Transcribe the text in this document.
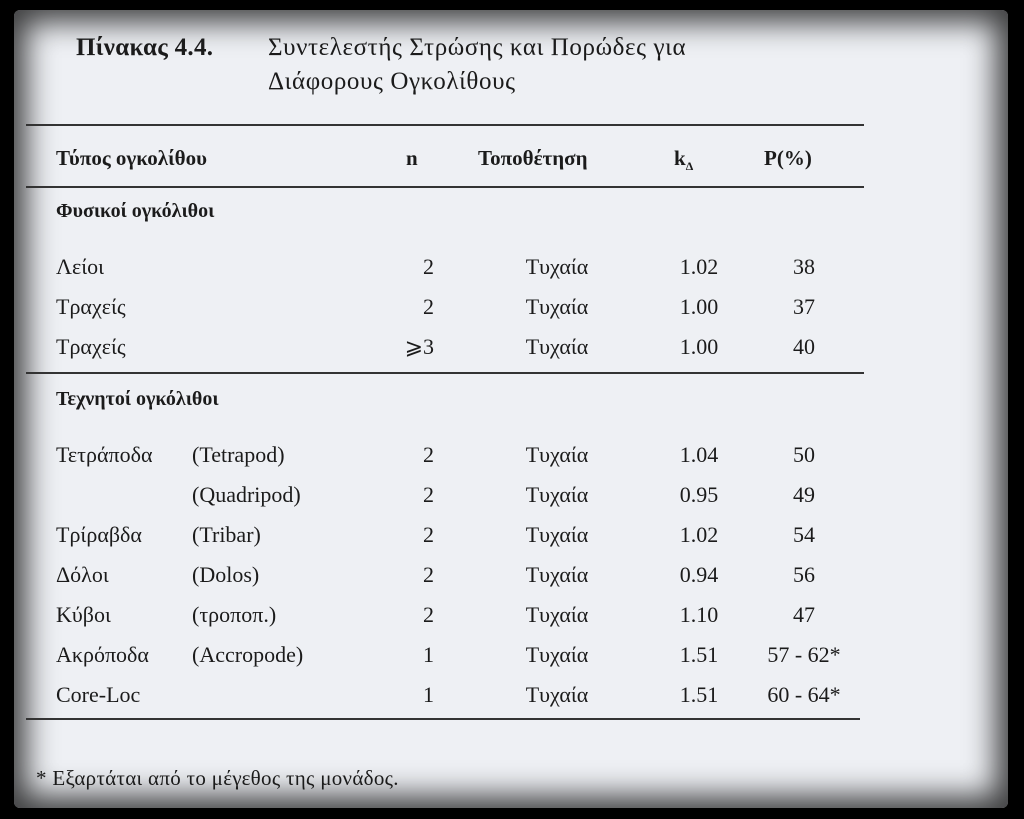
Πίνακας 4.4. Συντελεστής Στρώσης και Πορώδες για
Διάφορους Ογκολίθους
Τύπος ογκολίθου	n	Τοποθέτηση	$k_\Delta$	P(%)
Φυσικοί ογκόλιθοι
Λείοι	2	Τυχαία	1.02	38
Τραχείς	2	Τυχαία	1.00	37
Τραχείς	⩾3	Τυχαία	1.00	40
Τεχνητοί ογκόλιθοι
Τετράποδα (Tetrapod)	2	Τυχαία	1.04	50
(Quadripod)	2	Τυχαία	0.95	49
Τρίραβδα (Tribar)	2	Τυχαία	1.02	54
Δόλοι	(Dolos)	2	Τυχαία	0.94	56
Κύβοι	(τροποπ.)	2	Τυχαία	1.10	47
Ακρόποδα (Accropode)	1	Τυχαία	1.51	57 - 62*
Core-Loc	1	Τυχαία	1.51	60 - 64*
* Εξαρτάται από το μέγεθος της μονάδος.
